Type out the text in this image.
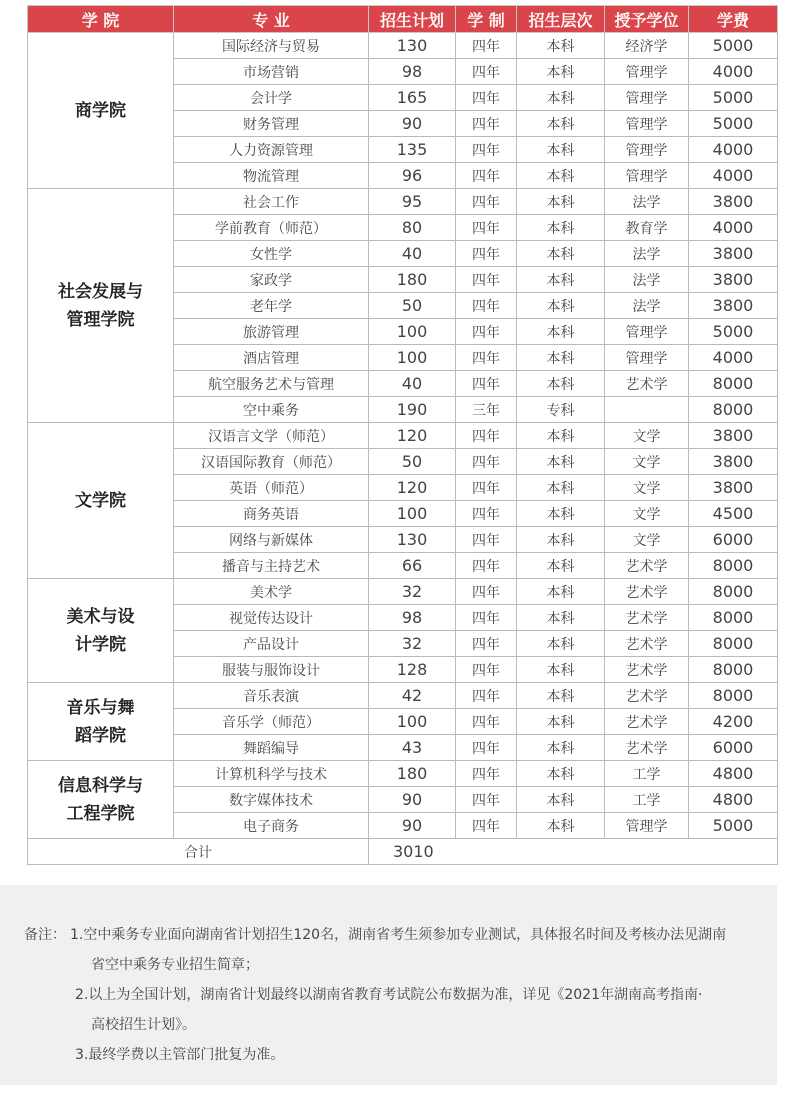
学 院	专 业	招生计划	学 制	招生层次	授予学位	学费
商学院	国际经济与贸易	130	四年	本科	经济学	5000
	市场营销	98	四年	本科	管理学	4000
	会计学	165	四年	本科	管理学	5000
	财务管理	90	四年	本科	管理学	5000
	人力资源管理	135	四年	本科	管理学	4000
	物流管理	96	四年	本科	管理学	4000
社会发展与
管理学院	社会工作	95	四年	本科	法学	3800
	学前教育（师范）	80	四年	本科	教育学	4000
	女性学	40	四年	本科	法学	3800
	家政学	180	四年	本科	法学	3800
	老年学	50	四年	本科	法学	3800
	旅游管理	100	四年	本科	管理学	5000
	酒店管理	100	四年	本科	管理学	4000
	航空服务艺术与管理	40	四年	本科	艺术学	8000
	空中乘务	190	三年	专科		8000
文学院	汉语言文学（师范）	120	四年	本科	文学	3800
	汉语国际教育（师范）	50	四年	本科	文学	3800
	英语（师范）	120	四年	本科	文学	3800
	商务英语	100	四年	本科	文学	4500
	网络与新媒体	130	四年	本科	文学	6000
	播音与主持艺术	66	四年	本科	艺术学	8000
美术与设
计学院	美术学	32	四年	本科	艺术学	8000
	视觉传达设计	98	四年	本科	艺术学	8000
	产品设计	32	四年	本科	艺术学	8000
	服装与服饰设计	128	四年	本科	艺术学	8000
音乐与舞
蹈学院	音乐表演	42	四年	本科	艺术学	8000
	音乐学（师范）	100	四年	本科	艺术学	4200
	舞蹈编导	43	四年	本科	艺术学	6000
信息科学与
工程学院	计算机科学与技术	180	四年	本科	工学	4800
	数字媒体技术	90	四年	本科	工学	4800
	电子商务	90	四年	本科	管理学	5000
合计		3010				
备注： 1.空中乘务专业面向湖南省计划招生120名，湖南省考生须参加专业测试，具体报名时间及考核办法见湖南
省空中乘务专业招生简章；
2.以上为全国计划，湖南省计划最终以湖南省教育考试院公布数据为准，详见《2021年湖南高考指南·
高校招生计划》。
3.最终学费以主管部门批复为准。
